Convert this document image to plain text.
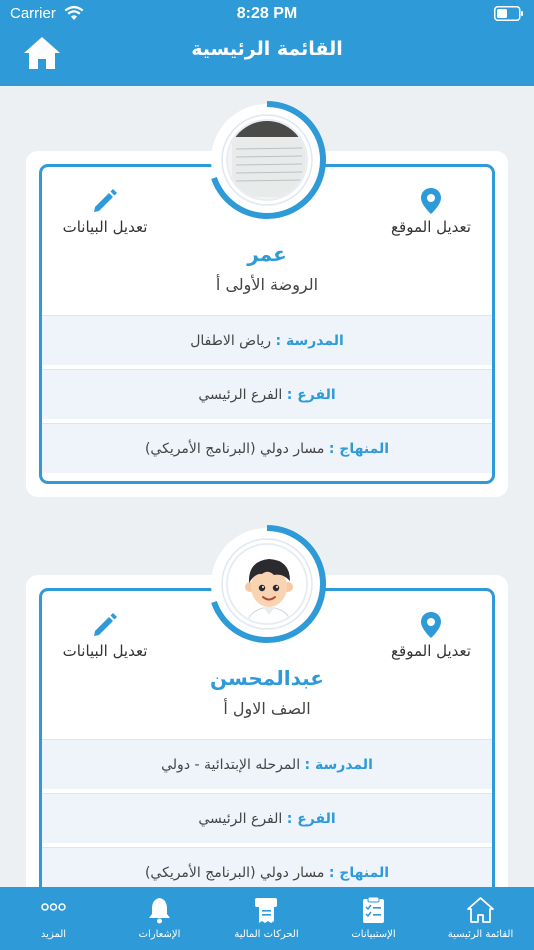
Carrier	8:28 PM
القائمة الرئيسية
تعديل الموقع
تعديل البيانات
عمر
الروضة الأولى أ
المدرسة : رياض الاطفال
الفرع : الفرع الرئيسي
المنهاج : مسار دولي (البرنامج الأمريكي)
تعديل الموقع
تعديل البيانات
عبدالمحسن
الصف الاول أ
المدرسة : المرحله الإبتدائية - دولي
الفرع : الفرع الرئيسي
المنهاج : مسار دولي (البرنامج الأمريكي)
القائمة الرئيسية
الإستبيانات
الحركات المالية
الإشعارات
المزيد
